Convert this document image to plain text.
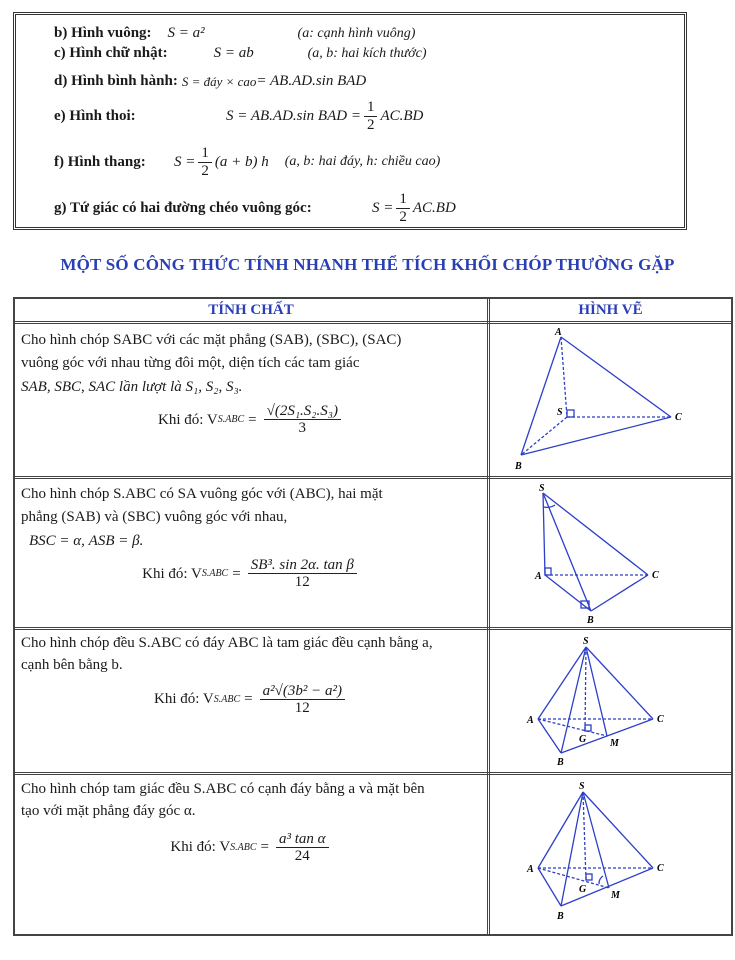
b) Hình vuông: S = a²	(a: cạnh hình vuông)
c) Hình chữ nhật:	S = ab	(a, b: hai kích thước)
d) Hình bình hành: S = đáy × cao = AB.AD.sin BAD
e) Hình thoi:	S = AB.AD.sin BAD = $\frac{1}{2} AC.BD$
f) Hình thang:	$S = \frac{1}{2} (a + b)$ h (a, b: hai đáy, h: chiều cao)
g) Tứ giác có hai đường chéo vuông góc:	$S = \frac{1}{2} AC.BD$
MỘT SỐ CÔNG THỨC TÍNH NHANH THỂ TÍCH KHỐI CHÓP THƯỜNG GẶP
TÍNH CHẤT	HÌNH VẼ
Cho hình chóp SABC với các mặt phẳng (SAB), (SBC), (SAC)
vuông góc với nhau từng đôi một, diện tích các tam giác
SAB, SBC, SAC lần lượt là S₁, S₂, S₃.
Khi đó: V $S.ABC = \frac{\text{√(2S₁.S₂.S₃)}}{3}$
A
B
C
S
Cho hình chóp S.ABC có SA vuông góc với (ABC), hai mặt
phẳng (SAB) và (SBC) vuông góc với nhau,
BSC = α, ASB = β.
Khi đó: V $S.ABC = \frac{\text{SB³. sin 2α. tan β}}{12}$
S
A
B
C
Cho hình chóp đều S.ABC có đáy ABC là tam giác đều cạnh bằng a,
cạnh bên bằng b.
Khi đó: V $S.ABC = \frac{\text{a²√(3b² − a²)}}{12}$
S
A
B
C
G M
Cho hình chóp tam giác đều S.ABC có cạnh đáy bằng a và mặt bên
tạo với mặt phẳng đáy góc α.
Khi đó: V $S.ABC = \frac{\text{a³ tan α}}{24}$
S
A
B
C
G
M
